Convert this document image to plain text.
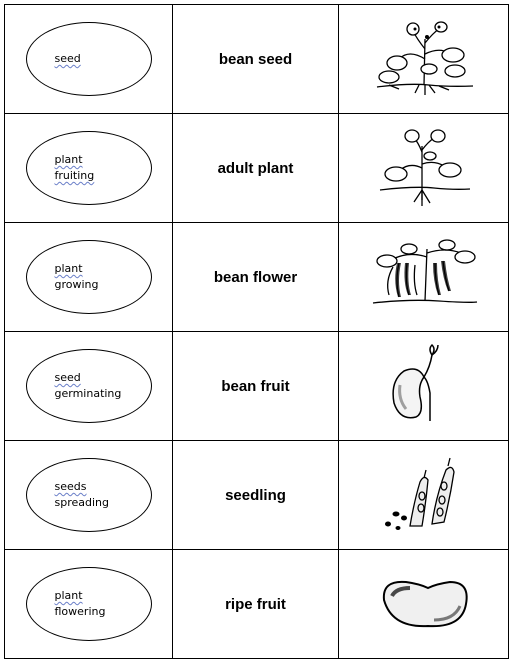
seed	bean seed

plant
fruiting	adult plant

plant
growing	bean flower

seed
germinating	bean fruit

seeds
spreading	seedling

plant
flowering	ripe fruit
